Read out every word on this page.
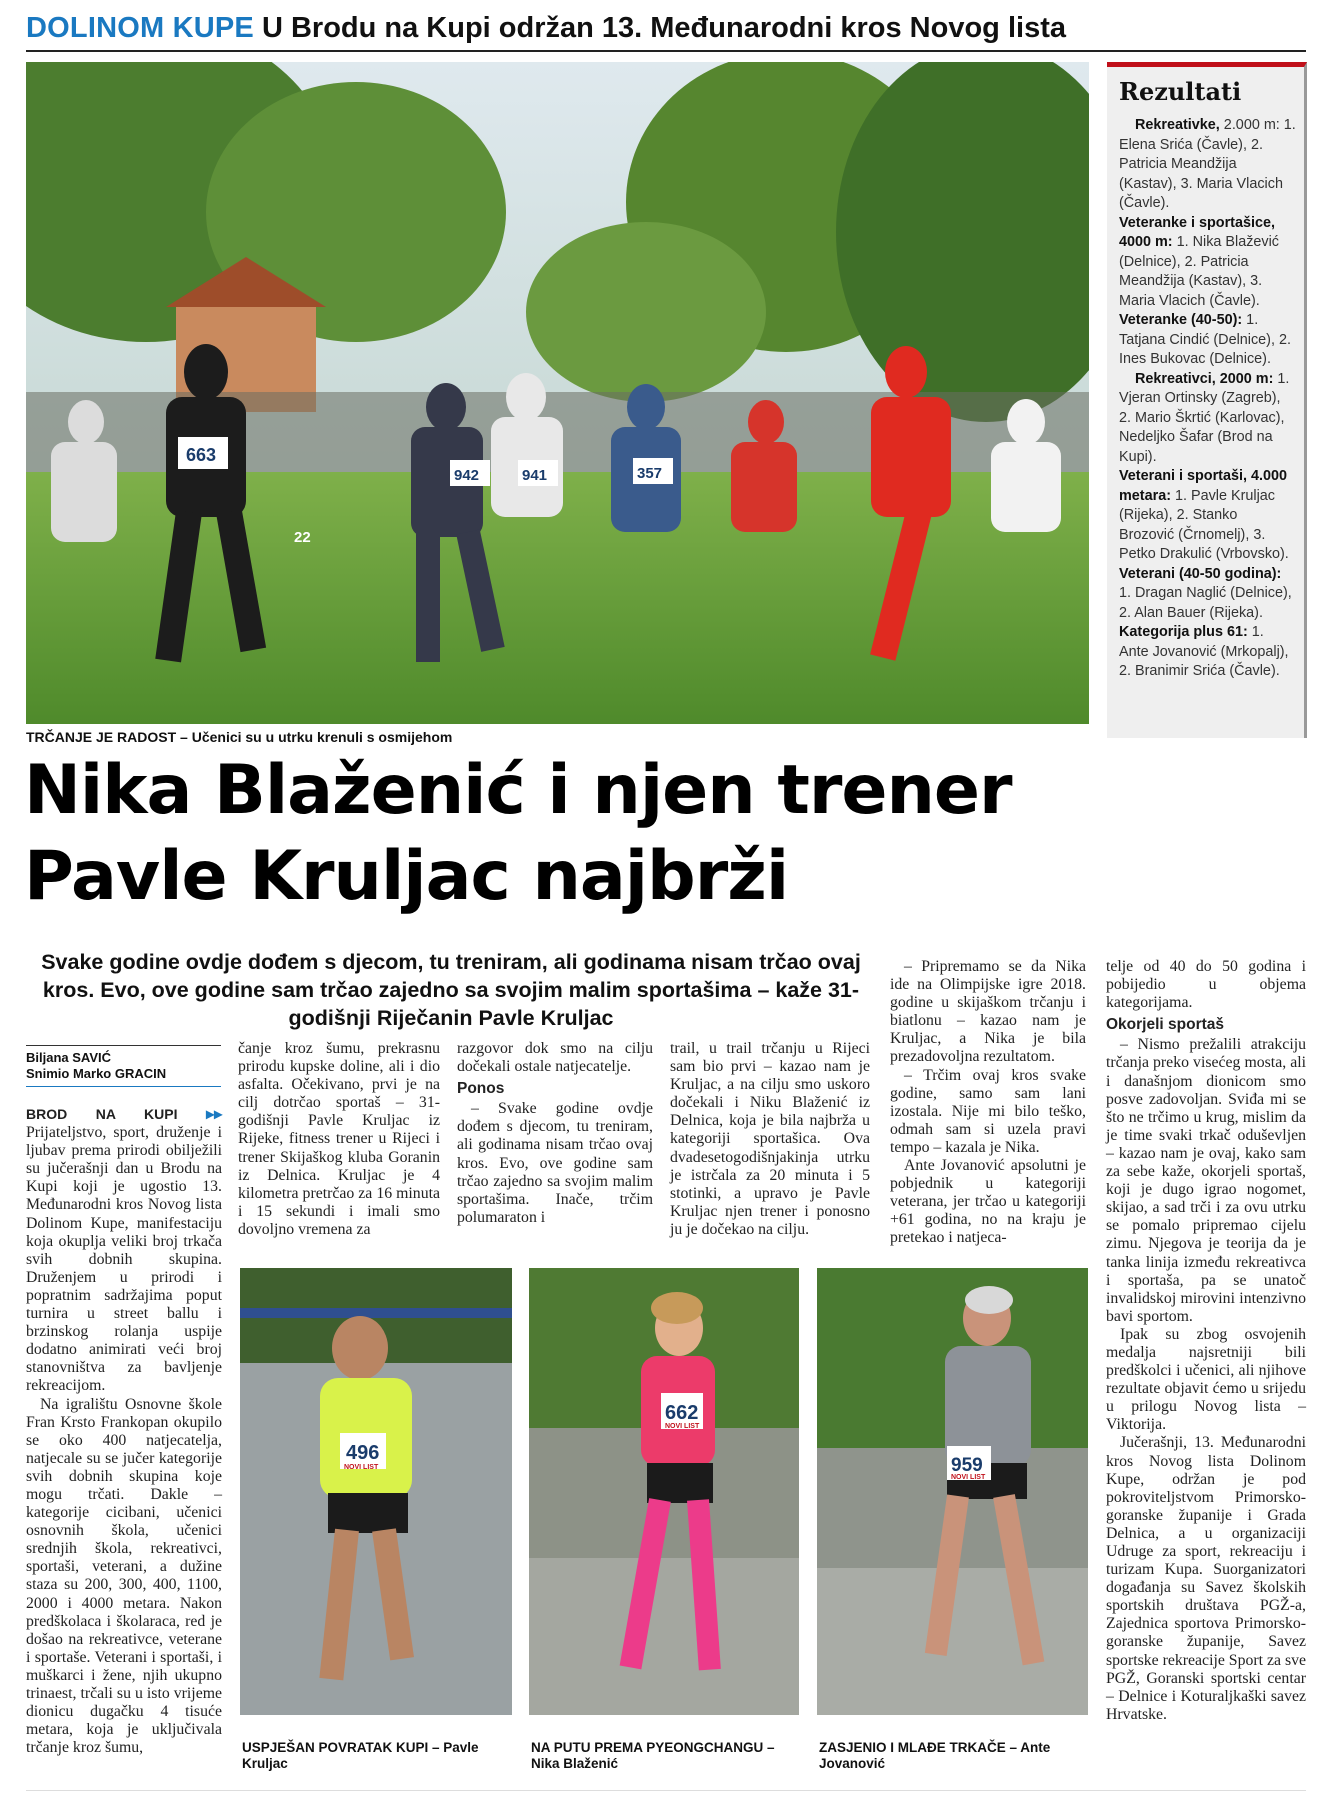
DOLINOM KUPE U Brodu na Kupi održan 13. Međunarodni kros Novog lista
663
942	941	357
22
TRČANJE JE RADOST – Učenici su u utrku krenuli s osmijehom
Rezultati
Rekreativke, 2.000 m: 1. Elena Srića (Čavle), 2. Patricia Meandžija (Kastav), 3. Maria Vlacich (Čavle).
Veteranke i sportašice, 4000 m: 1. Nika Blažević (Delnice), 2. Patricia Meandžija (Kastav), 3. Maria Vlacich (Čavle).
Veteranke (40-50): 1. Tatjana Cindić (Delnice), 2. Ines Bukovac (Delnice).
Rekreativci, 2000 m: 1. Vjeran Ortinsky (Zagreb), 2. Mario Škrtić (Karlovac), Nedeljko Šafar (Brod na Kupi).
Veterani i sportaši, 4.000 metara: 1. Pavle Kruljac (Rijeka), 2. Stanko Brozović (Črnomelj), 3. Petko Drakulić (Vrbovsko).
Veterani (40-50 godina): 1. Dragan Naglić (Delnice), 2. Alan Bauer (Rijeka).
Kategorija plus 61: 1. Ante Jovanović (Mrkopalj), 2. Branimir Srića (Čavle).
Nika Blaženić i njen trener
Pavle Kruljac najbrži
Svake godine ovdje dođem s djecom, tu treniram, ali godinama nisam trčao ovaj kros. Evo, ove godine sam trčao zajedno sa svojim malim sportašima – kaže 31-godišnji Riječanin Pavle Kruljac
Biljana SAVIĆ
Snimio Marko GRACIN

BROD NA KUPI ▸▸ Prijateljstvo, sport, druženje i ljubav prema prirodi obilježili su jučerašnji dan u Brodu na Kupi koji je ugostio 13. Međunarodni kros Novog lista Dolinom Kupe, manifestaciju koja okuplja veliki broj trkača svih dobnih skupina. Druženjem u prirodi i popratnim sadržajima poput turnira u street ballu i brzinskog rolanja uspije dodatno animirati veći broj stanovništva za bavljenje rekreacijom.

Na igralištu Osnovne škole Fran Krsto Frankopan okupilo se oko 400 natjecatelja, natjecale su se jučer kategorije svih dobnih skupina koje mogu trčati. Dakle – kategorije cicibani, učenici osnovnih škola, učenici srednjih škola, rekreativci, sportaši, veterani, a dužine staza su 200, 300, 400, 1100, 2000 i 4000 metara. Nakon predškolaca i školaraca, red je došao na rekreativce, veterane i sportaše. Veterani i sportaši, i muškarci i žene, njih ukupno trinaest, trčali su u isto vrijeme dionicu dugačku 4 tisuće metara, koja je uključivala trčanje kroz šumu,

čanje kroz šumu, prekrasnu prirodu kupske doline, ali i dio asfalta. Očekivano, prvi je na cilj dotrčao sportaš – 31-godišnji Pavle Kruljac iz Rijeke, fitness trener u Rijeci i trener Skijaškog kluba Goranin iz Delnica. Kruljac je 4 kilometra pretrčao za 16 minuta i 15 sekundi i imali smo dovoljno vremena za

razgovor dok smo na cilju dočekali ostale natjecatelje.

Ponos

– Svake godine ovdje dođem s djecom, tu treniram, ali godinama nisam trčao ovaj kros. Evo, ove godine sam trčao zajedno sa svojim malim sportašima. Inače, trčim polumaraton i

trail, u trail trčanju u Rijeci sam bio prvi – kazao nam je Kruljac, a na cilju smo uskoro dočekali i Niku Blaženić iz Delnica, koja je bila najbrža u kategoriji sportašica. Ova dvadesetogodišnjakinja utrku je istrčala za 20 minuta i 5 stotinki, a upravo je Pavle Kruljac njen trener i ponosno ju je dočekao na cilju.

– Pripremamo se da Nika ide na Olimpijske igre 2018. godine u skijaškom trčanju i biatlonu – kazao nam je Kruljac, a Nika je bila prezadovoljna rezultatom.

– Trčim ovaj kros svake godine, samo sam lani izostala. Nije mi bilo teško, odmah sam si uzela pravi tempo – kazala je Nika.

Ante Jovanović apsolutni je pobjednik u kategoriji veterana, jer trčao u kategoriji +61 godina, no na kraju je pretekao i natjeca-

telje od 40 do 50 godina i pobijedio u objema kategorijama.

Okorjeli sportaš

– Nismo prežalili atrakciju trčanja preko visećeg mosta, ali i današnjom dionicom smo posve zadovoljan. Sviđa mi se što ne trčimo u krug, mislim da je time svaki trkač oduševljen – kazao nam je ovaj, kako sam za sebe kaže, okorjeli sportaš, koji je dugo igrao nogomet, skijao, a sad trči i za ovu utrku se pomalo pripremao cijelu zimu. Njegova je teorija da je tanka linija između rekreativca i sportaša, pa se unatoč invalidskoj mirovini intenzivno bavi sportom.

Ipak su zbog osvojenih medalja najsretniji bili predškolci i učenici, ali njihove rezultate objavit ćemo u srijedu u prilogu Novog lista – Viktorija.

Jučerašnji, 13. Međunarodni kros Novog lista Dolinom Kupe, održan je pod pokroviteljstvom Primorsko-goranske županije i Grada Delnica, a u organizaciji Udruge za sport, rekreaciju i turizam Kupa. Suorganizatori događanja su Savez školskih sportskih društava PGŽ-a, Zajednica sportova Primorsko-goranske županije, Savez sportske rekreacije Sport za sve PGŽ, Goranski sportski centar – Delnice i Koturaljkaški savez Hrvatske.

496
NOVI LIST
662
NOVI LIST
959
NOVI LIST
USPJEŠAN POVRATAK KUPI – Pavle Kruljac
NA PUTU PREMA PYEONGCHANGU – Nika Blaženić
ZASJENIO I MLAĐE TRKAČE – Ante Jovanović
